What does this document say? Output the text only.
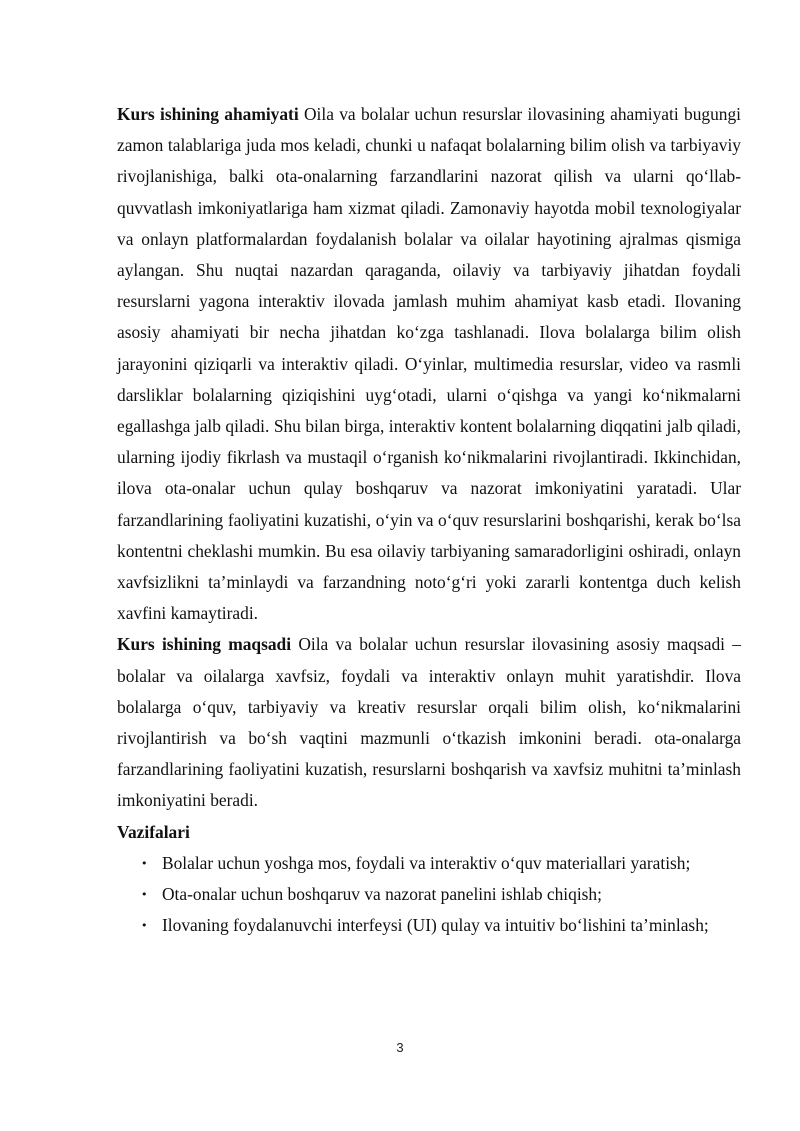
Kurs ishining ahamiyati Oila va bolalar uchun resurslar ilovasining ahamiyati bugungi zamon talablariga juda mos keladi, chunki u nafaqat bolalarning bilim olish va tarbiyaviy rivojlanishiga, balki ota-onalarning farzandlarini nazorat qilish va ularni qo‘llab-quvvatlash imkoniyatlariga ham xizmat qiladi. Zamonaviy hayotda mobil texnologiyalar va onlayn platformalardan foydalanish bolalar va oilalar hayotining ajralmas qismiga aylangan. Shu nuqtai nazardan qaraganda, oilaviy va tarbiyaviy jihatdan foydali resurslarni yagona interaktiv ilovada jamlash muhim ahamiyat kasb etadi. Ilovaning asosiy ahamiyati bir necha jihatdan ko‘zga tashlanadi. Ilova bolalarga bilim olish jarayonini qiziqarli va interaktiv qiladi. O‘yinlar, multimedia resurslar, video va rasmli darsliklar bolalarning qiziqishini uyg‘otadi, ularni o‘qishga va yangi ko‘nikmalarni egallashga jalb qiladi. Shu bilan birga, interaktiv kontent bolalarning diqqatini jalb qiladi, ularning ijodiy fikrlash va mustaqil o‘rganish ko‘nikmalarini rivojlantiradi. Ikkinchidan, ilova ota-onalar uchun qulay boshqaruv va nazorat imkoniyatini yaratadi. Ular farzandlarining faoliyatini kuzatishi, o‘yin va o‘quv resurslarini boshqarishi, kerak bo‘lsa kontentni cheklashi mumkin. Bu esa oilaviy tarbiyaning samaradorligini oshiradi, onlayn xavfsizlikni ta’minlaydi va farzandning noto‘g‘ri yoki zararli kontentga duch kelish xavfini kamaytiradi.

Kurs ishining maqsadi Oila va bolalar uchun resurslar ilovasining asosiy maqsadi – bolalar va oilalarga xavfsiz, foydali va interaktiv onlayn muhit yaratishdir. Ilova bolalarga o‘quv, tarbiyaviy va kreativ resurslar orqali bilim olish, ko‘nikmalarini rivojlantirish va bo‘sh vaqtini mazmunli o‘tkazish imkonini beradi. ota-onalarga farzandlarining faoliyatini kuzatish, resurslarni boshqarish va xavfsiz muhitni ta’minlash imkoniyatini beradi.

Vazifalari

• Bolalar uchun yoshga mos, foydali va interaktiv o‘quv materiallari yaratish;
• Ota-onalar uchun boshqaruv va nazorat panelini ishlab chiqish;
• Ilovaning foydalanuvchi interfeysi (UI) qulay va intuitiv bo‘lishini ta’minlash;
3
